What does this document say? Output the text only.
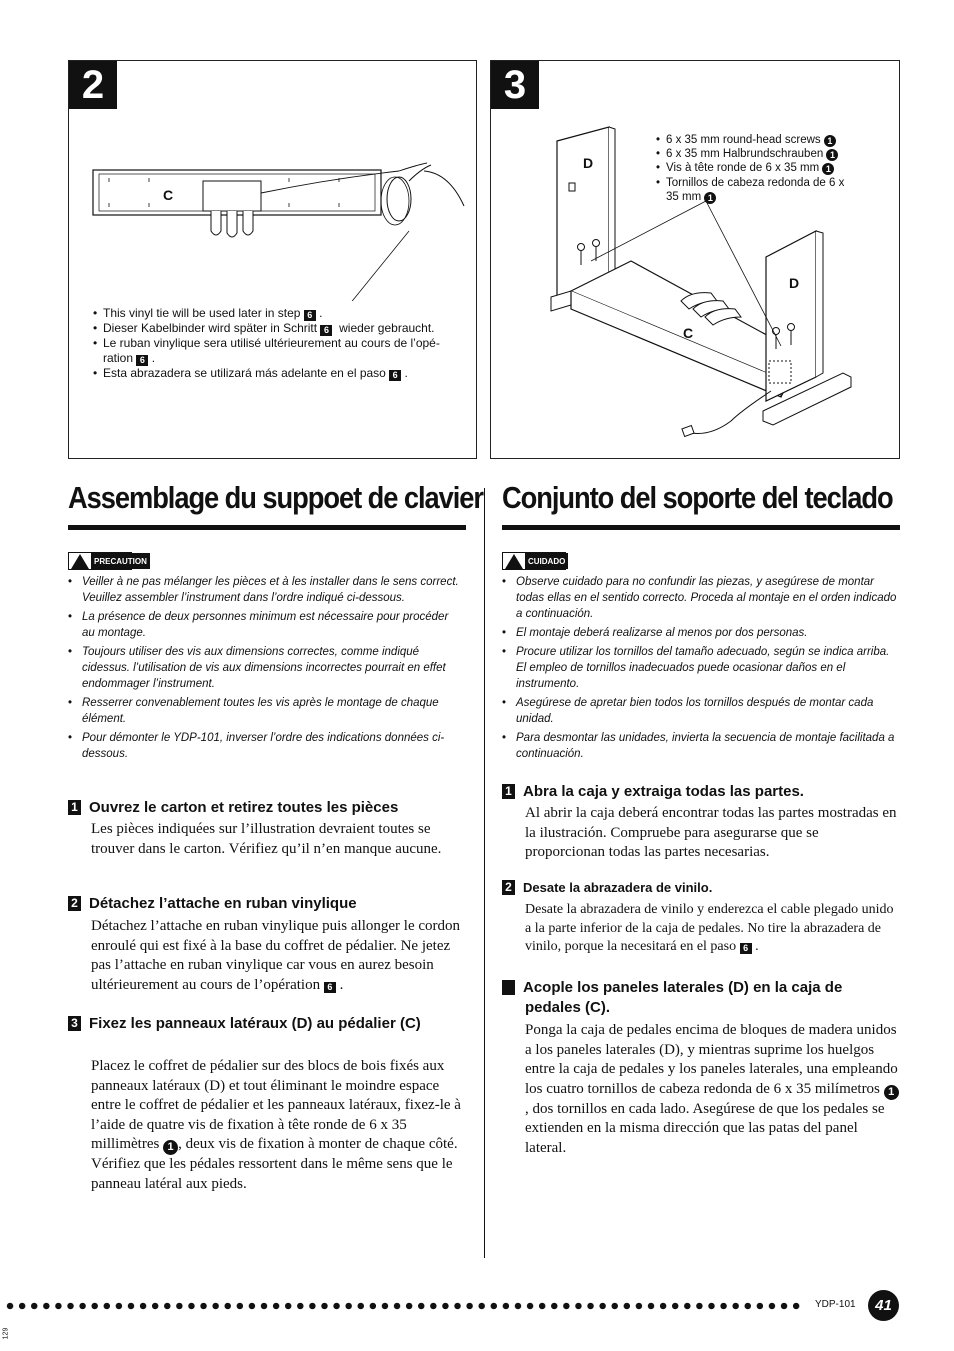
2
C
• This vinyl tie will be used later in step 6 .
• Dieser Kabelbinder wird später in Schritt 6 wieder gebraucht.
• Le ruban vinylique sera utilisé ultérieurement au cours de l’opé-
ration 6 .
• Esta abrazadera se utilizará más adelante en el paso 6 .
3
D
D
C
• 6 x 35 mm round-head screws 1
• 6 x 35 mm Halbrundschrauben 1
• Vis à tête ronde de 6 x 35 mm 1
• Tornillos de cabeza redonda de 6 x
35 mm 1
Assemblage du suppoet de clavier
PRECAUTION
• Veiller à ne pas mélanger les pièces et à les installer dans le sens correct. Veuillez assembler l’instrument dans l’ordre indiqué ci-dessous.
• La présence de deux personnes minimum est nécessaire pour procéder au montage.
• Toujours utiliser des vis aux dimensions correctes, comme indiqué cidessus. l’utilisation de vis aux dimensions incorrectes pourrait en effet endommager l’instrument.
• Resserrer convenablement toutes les vis après le montage de chaque élément.
• Pour démonter le YDP-101, inverser l’ordre des indications données ci-dessous.
1 Ouvrez le carton et retirez toutes les pièces

Les pièces indiquées sur l’illustration devraient toutes se trouver dans le carton. Vérifiez qu’il n’en manque aucune.

2 Détachez l’attache en ruban vinylique

Détachez l’attache en ruban vinylique puis allonger le cordon enroulé qui est fixé à la base du coffret de pédalier. Ne jetez pas l’attache en ruban vinylique car vous en aurez besoin ultérieurement au cours de l’opération 6 .

3 Fixez les panneaux latéraux (D) au pédalier (C)

Placez le coffret de pédalier sur des blocs de bois fixés aux panneaux latéraux (D) et tout éliminant le moindre espace entre le coffret de pédalier et les panneaux latéraux, fixez-le à l’aide de quatre vis de fixation à tête ronde de 6 x 35 millimètres 1 , deux vis de fixation à monter de chaque côté. Vérifiez que les pédales ressortent dans le même sens que le panneau latéral aux pieds.

Conjunto del soporte del teclado
CUIDADO
• Observe cuidado para no confundir las piezas, y asegúrese de montar todas ellas en el sentido correcto. Proceda al montaje en el orden indicado a continuación.
• El montaje deberá realizarse al menos por dos personas.
• Procure utilizar los tornillos del tamaño adecuado, según se indica arriba. El empleo de tornillos inadecuados puede ocasionar daños en el instrumento.
• Asegúrese de apretar bien todos los tornillos después de montar cada unidad.
• Para desmontar las unidades, invierta la secuencia de montaje facilitada a continuación.
1 Abra la caja y extraiga todas las partes.

Al abrir la caja deberá encontrar todas las partes mostradas en la ilustración. Compruebe para asegurarse que se proporcionan todas las partes necesarias.

2 Desate la abrazadera de vinilo.

Desate la abrazadera de vinilo y enderezca el cable plegado unido a la parte inferior de la caja de pedales. No tire la abrazadera de vinilo, porque la necesitará en el paso 6 .

3 Acople los paneles laterales (D) en la caja de pedales (C).

Ponga la caja de pedales encima de bloques de madera unidos a los paneles laterales (D), y mientras suprime los huelgos entre la caja de pedales y los paneles laterales, una empleando los cuatro tornillos de cabeza redonda de 6 x 35 milímetros 1, dos tornillos en cada lado. Asegúrese de que los pedales se extienden en la misma dirección que las patas del panel lateral.

YDP-101	41
129
